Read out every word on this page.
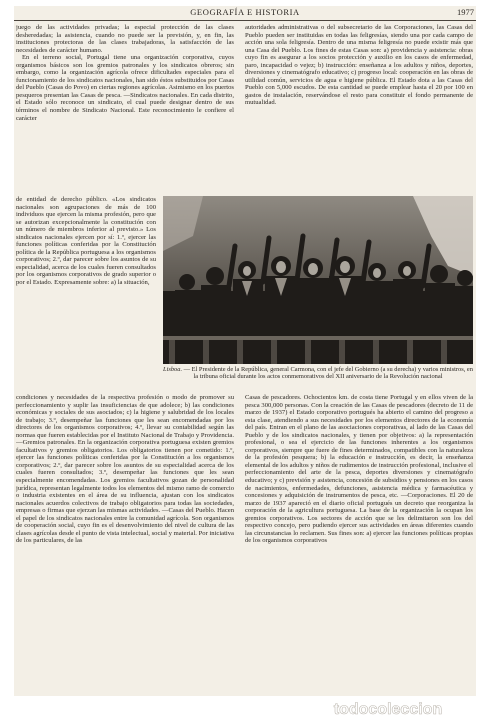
GEOGRAFÍA E HISTORIA	1977

juego de las actividades privadas; la especial protección de las clases desheredadas; la asistencia, cuando no puede ser la previsión, y, en fin, las instituciones protectoras de las clases trabajadoras, la satisfacción de las necesidades de carácter humano.

En el terreno social, Portugal tiene una organización corporativa, cuyos organismos básicos son los gremios patronales y los sindicatos obreros; sin embargo, como la organización agrícola ofrece dificultades especiales para el funcionamiento de los sindicatos nacionales, han sido éstos substituidos por Casas del Pueblo (Casas do Povo) en ciertas regiones agrícolas. Asimismo en los puertos pesqueros presentan las Casas de pesca. —Sindicatos nacionales. En cada distrito, el Estado sólo reconoce un sindicato, el cual puede designar dentro de sus términos el nombre de Sindicato Nacional. Este reconocimiento le confiere el carácter

autoridades administrativas o del subsecretario de las Corporaciones, las Casas del Pueblo pueden ser instituidas en todas las feligresías, siendo una por cada campo de acción una sola feligresía. Dentro de una misma feligresía no puede existir más que una Casa del Pueblo. Los fines de estas Casas son: a) providencia y asistencia: obras cuyo fin es asegurar a los socios protección y auxilio en los casos de enfermedad, paro, incapacidad o vejez; b) instrucción: enseñanza a los adultos y niños, deportes, diversiones y cinematógrafo educativo; c) progreso local: cooperación en las obras de utilidad común, servicios de agua e higiene pública. El Estado dota a las Casas del Pueblo con 5,000 escudos. De esta cantidad se puede emplear hasta el 20 por 100 en gastos de instalación, reservándose el resto para constituir el fondo permanente de mutualidad.

de entidad de derecho público. «Los sindicatos nacionales son agrupaciones de más de 100 individuos que ejercen la misma profesión, pero que se autorizan excepcionalmente la constitución con un número de miembros inferior al previsto.» Los sindicatos nacionales ejercen por sí: 1.º, ejercer las funciones políticas conferidas por la Constitución política de la República portuguesa a los organismos corporativos; 2.º, dar parecer sobre los asuntos de su especialidad, acerca de los cuales fueren consultados por los organismos corporativos de grado superior o por el Estado. Expresamente sobre: a) la situación,

Lisboa. — El Presidente de la República, general Carmona, con el jefe del Gobierno (a su derecha) y varios ministros, en la tribuna oficial durante los actos conmemorativos del XII aniversario de la Revolución nacional

condiciones y necesidades de la respectiva profesión o modo de promover su perfeccionamiento y suplir las insuficiencias de que adolece; b) las condiciones económicas y sociales de sus asociados; c) la higiene y salubridad de los locales de trabajo; 3.º, desempeñar las funciones que les sean encomendadas por los directores de los organismos corporativos; 4.º, llevar su contabilidad según las normas que fueren establecidas por el Instituto Nacional de Trabajo y Providencia. —Gremios patronales. En la organización corporativa portuguesa existen gremios facultativos y gremios obligatorios. Los obligatorios tienen por cometido: 1.º, ejercer las funciones políticas conferidas por la Constitución a los organismos corporativos; 2.º, dar parecer sobre los asuntos de su especialidad acerca de los cuales fueren consultados; 3.º, desempeñar las funciones que les sean especialmente encomendadas. Los gremios facultativos gozan de personalidad jurídica, representan legalmente todos los elementos del mismo ramo de comercio o industria existentes en el área de su influencia, ajustan con los sindicatos nacionales acuerdos colectivos de trabajo obligatorios para todas las sociedades, empresas o firmas que ejerzan las mismas actividades. —Casas del Pueblo. Hacen el papel de los sindicatos nacionales entre la comunidad agrícola. Son organismos de cooperación social, cuyo fin es el desenvolvimiento del nivel de cultura de las clases agrícolas desde el punto de vista intelectual, social y material. Por iniciativa de los particulares, de las

Casas de pescadores. Ochocientos km. de costa tiene Portugal y en ellos viven de la pesca 300,000 personas. Con la creación de las Casas de pescadores (decreto de 11 de marzo de 1937) el Estado corporativo portugués ha abierto el camino del progreso a esta clase, atendiendo a sus necesidades por los elementos directores de la economía del país. Entran en el plano de las asociaciones corporativas, al lado de las Casas del Pueblo y de los sindicatos nacionales, y tienen por objetivos: a) la representación profesional, o sea el ejercicio de las funciones inherentes a los organismos corporativos, siempre que fuere de fines determinados, compatibles con la naturaleza de la profesión pesquera; b) la educación e instrucción, es decir, la enseñanza elemental de los adultos y niños de rudimentos de instrucción profesional, inclusive el perfeccionamiento del arte de la pesca, deportes diversiones y cinematógrafo educativo; y c) previsión y asistencia, concesión de subsidios y pensiones en los casos de nacimientos, enfermedades, defunciones, asistencia médica y farmacéutica y concesiones y adquisición de instrumentos de pesca, etc. —Corporaciones. El 20 de marzo de 1937 apareció en el diario oficial portugués un decreto que reorganiza la corporación de la agricultura portuguesa. La base de la organización la ocupan los gremios corporativos. Los sectores de acción que se les delimitaron son los del respectivo concejo, pero pudiendo ejercer sus actividades en áreas diferentes cuando las circunstancias lo reclamen. Sus fines son: a) ejercer las funciones políticas propias de los organismos corporativos

todocoleccion
